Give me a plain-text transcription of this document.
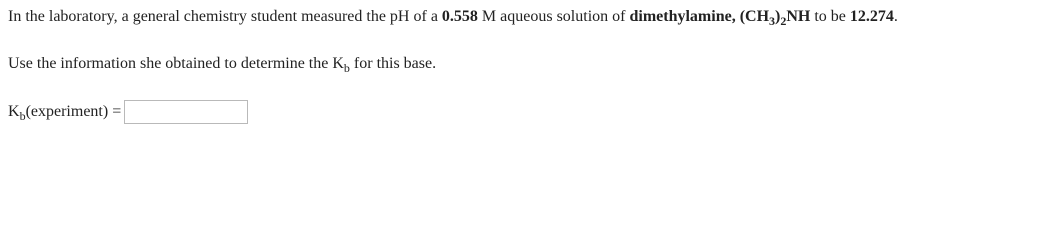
In the laboratory, a general chemistry student measured the pH of a 0.558 M aqueous solution of dimethylamine, $(CH_3)_2NH$ to be 12.274.
Use the information she obtained to determine the $K_b$ for this base.
$K_b(experiment)$ =
